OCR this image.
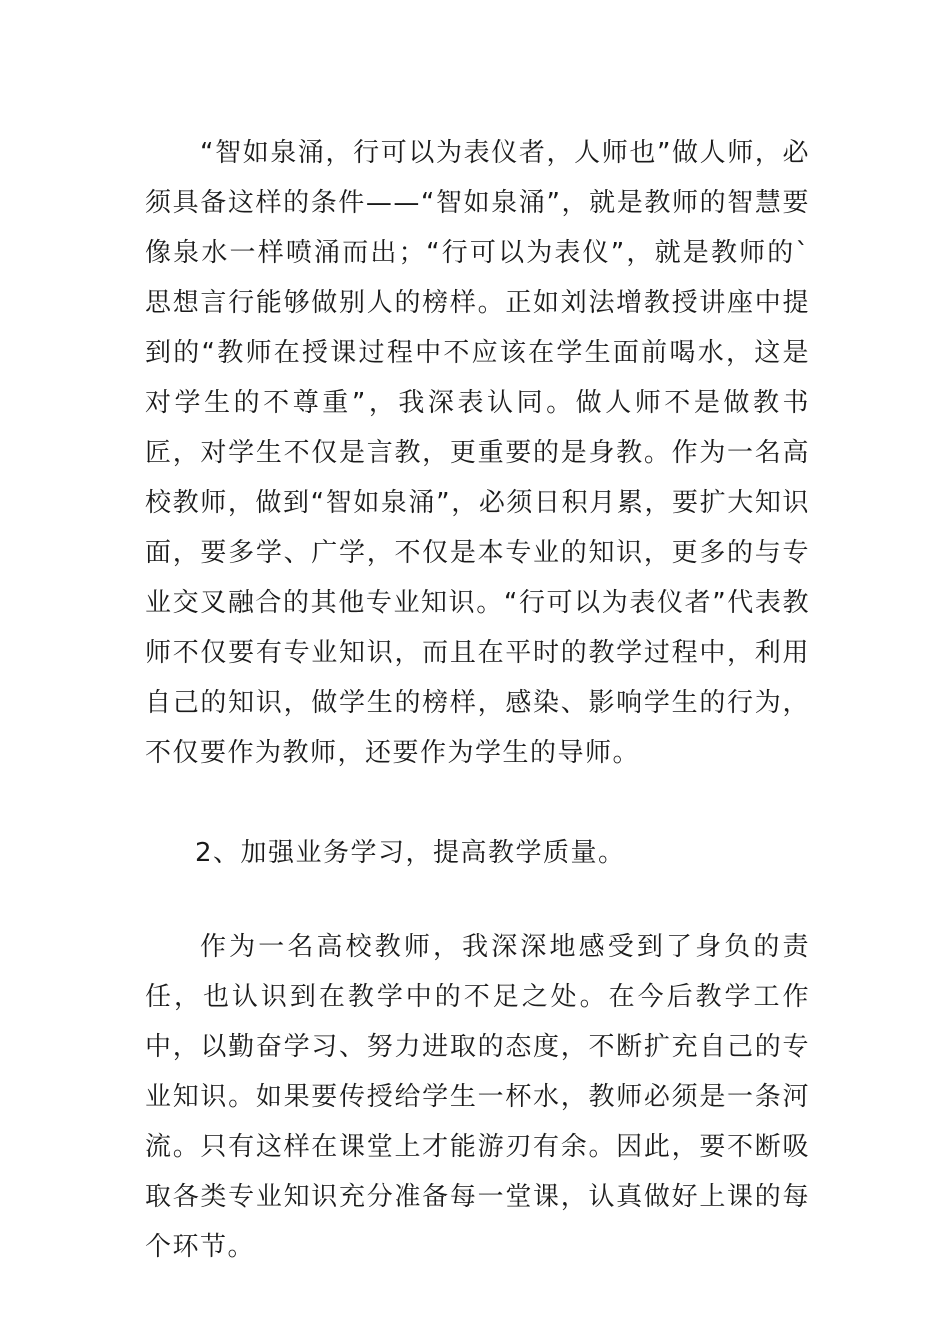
“智如泉涌，行可以为表仪者，人师也”做人师，必须具备这样的条件——“智如泉涌”，就是教师的智慧要像泉水一样喷涌而出；“行可以为表仪”，就是教师的`思想言行能够做别人的榜样。正如刘法增教授讲座中提到的“教师在授课过程中不应该在学生面前喝水，这是对学生的不尊重”，我深表认同。做人师不是做教书匠，对学生不仅是言教，更重要的是身教。作为一名高校教师，做到“智如泉涌”，必须日积月累，要扩大知识面，要多学、广学，不仅是本专业的知识，更多的与专业交叉融合的其他专业知识。“行可以为表仪者”代表教师不仅要有专业知识，而且在平时的教学过程中，利用自己的知识，做学生的榜样，感染、影响学生的行为，不仅要作为教师，还要作为学生的导师。

2、加强业务学习，提高教学质量。

作为一名高校教师，我深深地感受到了身负的责任，也认识到在教学中的不足之处。在今后教学工作中，以勤奋学习、努力进取的态度，不断扩充自己的专业知识。如果要传授给学生一杯水，教师必须是一条河流。只有这样在课堂上才能游刃有余。因此，要不断吸取各类专业知识充分准备每一堂课，认真做好上课的每个环节。
